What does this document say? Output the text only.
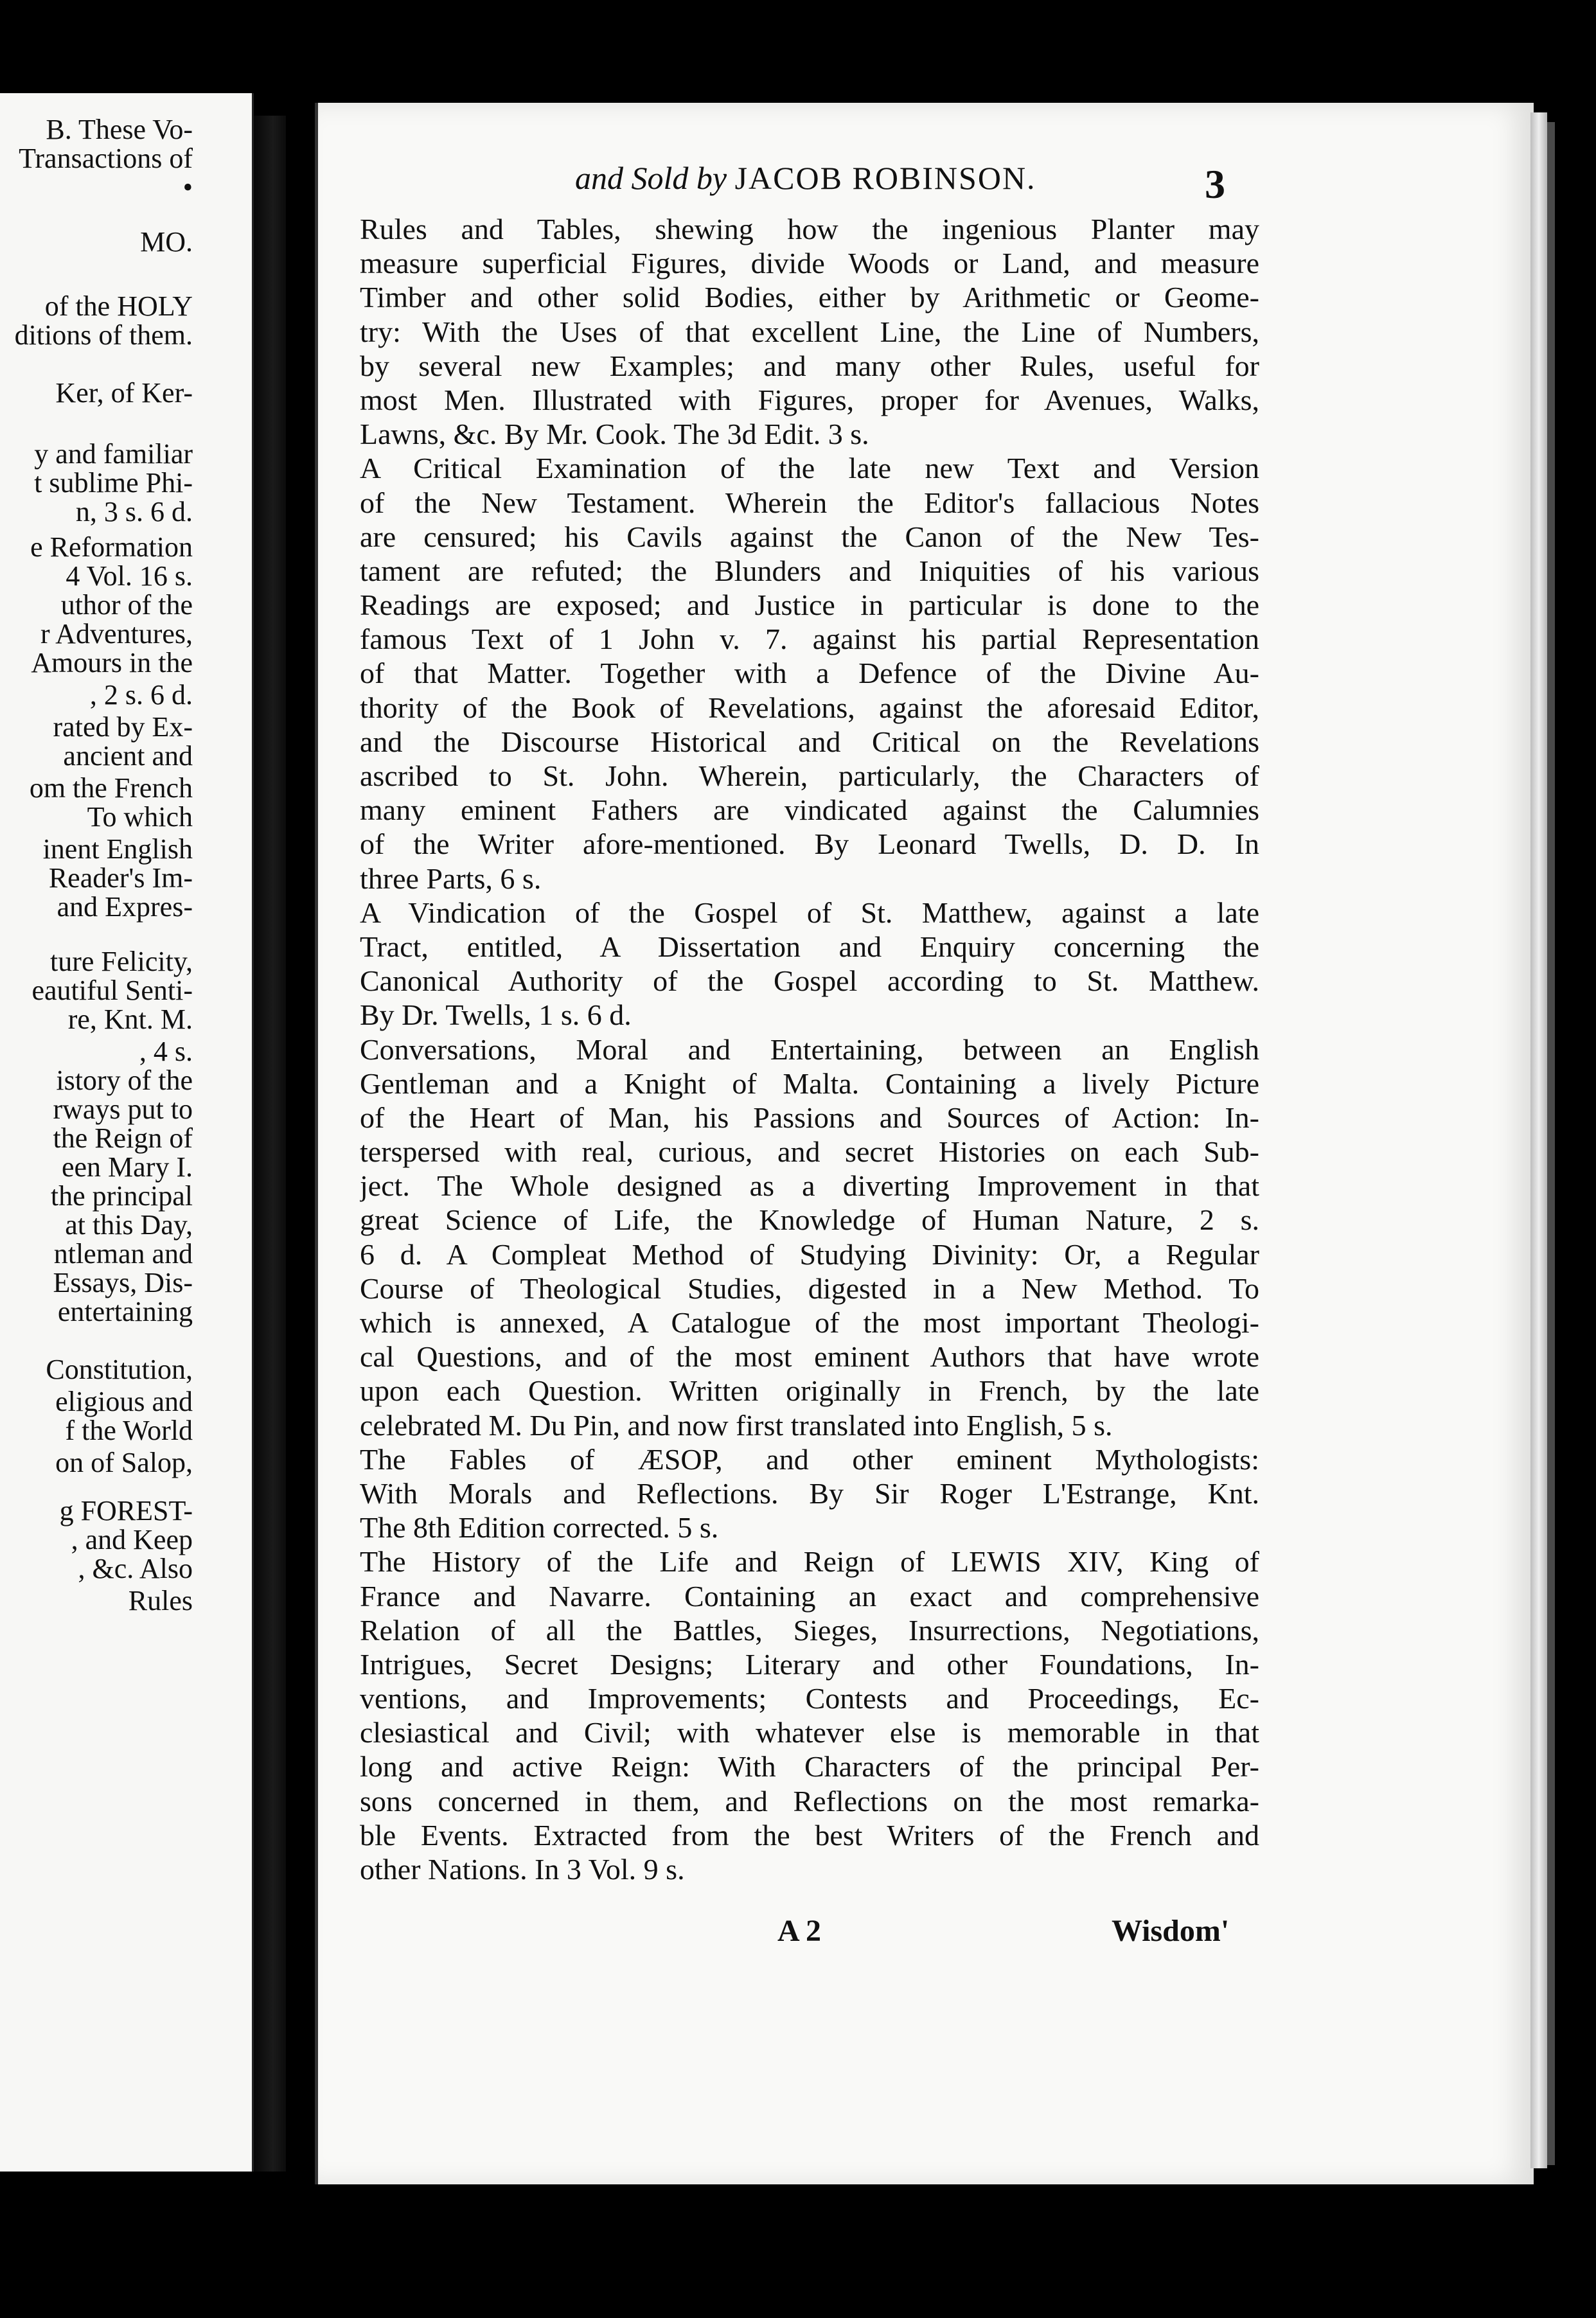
B. These Vo-
Transactions of
•
MO.
of the HOLY
ditions of them.
Ker, of Ker-
y and familiar
t sublime Phi-
n, 3 s. 6 d.
e Reformation
4 Vol. 16 s.
uthor of the
r Adventures,
Amours in the
, 2 s. 6 d.
rated by Ex-
ancient and
om the French
To which
inent English
Reader's Im-
and Expres-
ture Felicity,
eautiful Senti-
re, Knt. M.
, 4 s.
istory of the
rways put to
the Reign of
een Mary I.
the principal
at this Day,
ntleman and
Essays, Dis-
entertaining
Constitution,
eligious and
f the World
on of Salop,
g FOREST-
, and Keep
, &c. Also
Rules
and Sold by JACOB ROBINSON.	3
Rules and Tables, shewing how the ingenious Planter may
measure superficial Figures, divide Woods or Land, and measure
Timber and other solid Bodies, either by Arithmetic or Geome-
try: With the Uses of that excellent Line, the Line of Numbers,
by several new Examples; and many other Rules, useful for
most Men. Illustrated with Figures, proper for Avenues, Walks,
Lawns, &c. By Mr. Cook. The 3d Edit. 3 s.
A Critical Examination of the late new Text and Version
of the New Testament. Wherein the Editor's fallacious Notes
are censured; his Cavils against the Canon of the New Tes-
tament are refuted; the Blunders and Iniquities of his various
Readings are exposed; and Justice in particular is done to the
famous Text of 1 John v. 7. against his partial Representation
of that Matter. Together with a Defence of the Divine Au-
thority of the Book of Revelations, against the aforesaid Editor,
and the Discourse Historical and Critical on the Revelations
ascribed to St. John. Wherein, particularly, the Characters of
many eminent Fathers are vindicated against the Calumnies
of the Writer afore-mentioned. By Leonard Twells, D. D. In
three Parts, 6 s.
A Vindication of the Gospel of St. Matthew, against a late
Tract, entitled, A Dissertation and Enquiry concerning the
Canonical Authority of the Gospel according to St. Matthew.
By Dr. Twells, 1 s. 6 d.
Conversations, Moral and Entertaining, between an English
Gentleman and a Knight of Malta. Containing a lively Picture
of the Heart of Man, his Passions and Sources of Action: In-
terspersed with real, curious, and secret Histories on each Sub-
ject. The Whole designed as a diverting Improvement in that
great Science of Life, the Knowledge of Human Nature, 2 s.
6 d. A Compleat Method of Studying Divinity: Or, a Regular
Course of Theological Studies, digested in a New Method. To
which is annexed, A Catalogue of the most important Theologi-
cal Questions, and of the most eminent Authors that have wrote
upon each Question. Written originally in French, by the late
celebrated M. Du Pin, and now first translated into English, 5 s.
The Fables of ÆSOP, and other eminent Mythologists:
With Morals and Reflections. By Sir Roger L'Estrange, Knt.
The 8th Edition corrected. 5 s.
The History of the Life and Reign of LEWIS XIV, King of
France and Navarre. Containing an exact and comprehensive
Relation of all the Battles, Sieges, Insurrections, Negotiations,
Intrigues, Secret Designs; Literary and other Foundations, In-
ventions, and Improvements; Contests and Proceedings, Ec-
clesiastical and Civil; with whatever else is memorable in that
long and active Reign: With Characters of the principal Per-
sons concerned in them, and Reflections on the most remarka-
ble Events. Extracted from the best Writers of the French and
other Nations. In 3 Vol. 9 s.
A 2	Wisdom'
